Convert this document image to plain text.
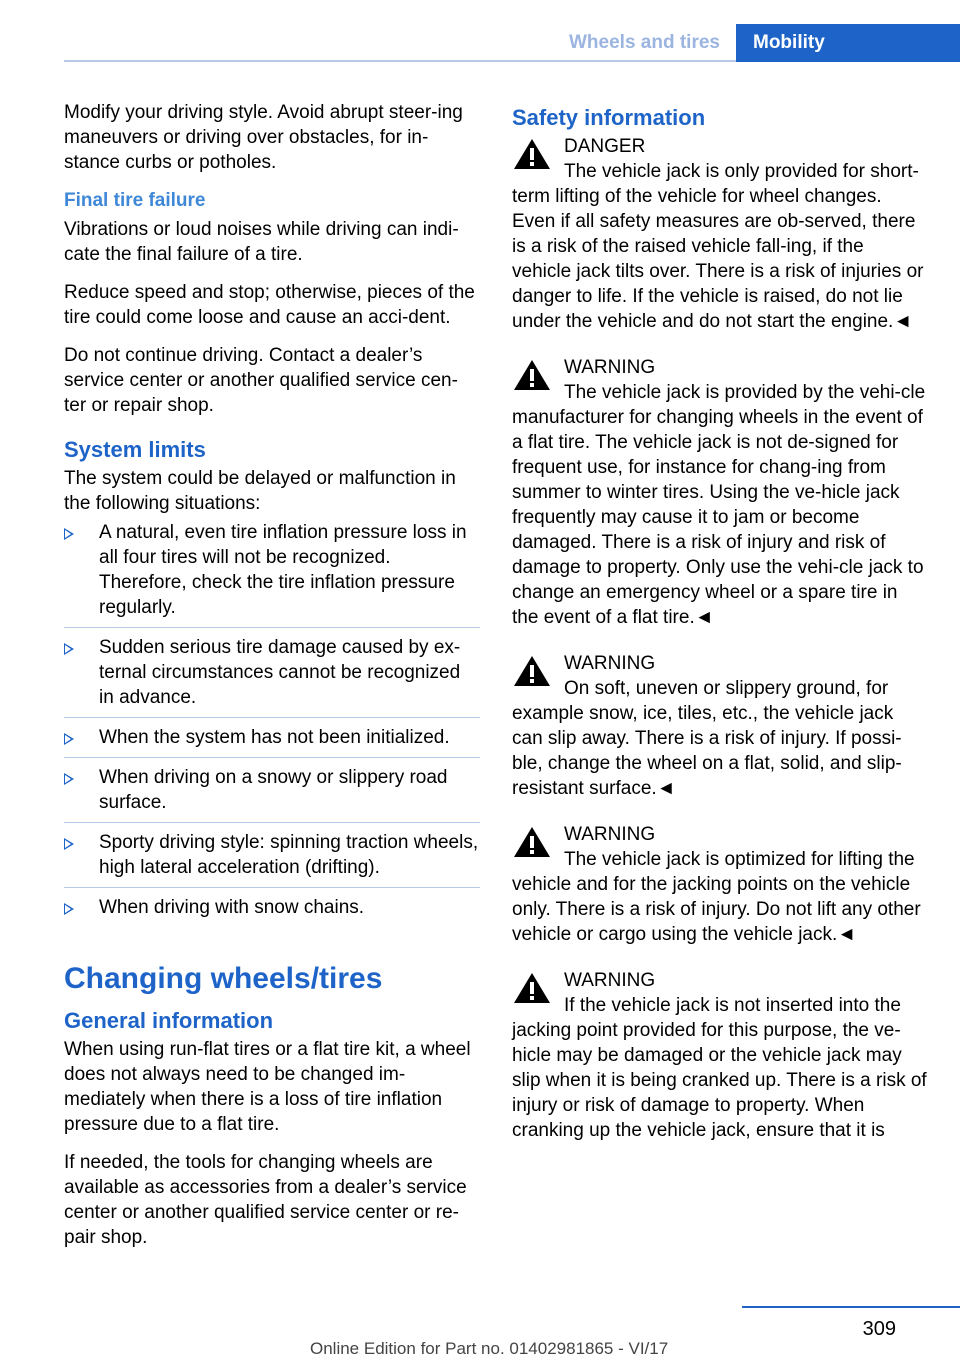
Wheels and tires	Mobility

Modify your driving style. Avoid abrupt steer-ing maneuvers or driving over obstacles, for in-stance curbs or potholes.

Final tire failure

Vibrations or loud noises while driving can indi-cate the final failure of a tire.

Reduce speed and stop; otherwise, pieces of the tire could come loose and cause an acci-dent.

Do not continue driving. Contact a dealer’s service center or another qualified service cen-ter or repair shop.

System limits

The system could be delayed or malfunction in the following situations:

A natural, even tire inflation pressure loss in all four tires will not be recognized. Therefore, check the tire inflation pressure regularly.
Sudden serious tire damage caused by ex-ternal circumstances cannot be recognized in advance.
When the system has not been initialized.
When driving on a snowy or slippery road surface.
Sporty driving style: spinning traction wheels, high lateral acceleration (drifting).
When driving with snow chains.
Changing wheels/tires
General information

When using run-flat tires or a flat tire kit, a wheel does not always need to be changed im-mediately when there is a loss of tire inflation pressure due to a flat tire.

If needed, the tools for changing wheels are available as accessories from a dealer’s service center or another qualified service center or re-pair shop.

Safety information
DANGER
The vehicle jack is only provided for short-term lifting of the vehicle for wheel changes. Even if all safety measures are ob-served, there is a risk of the raised vehicle fall-ing, if the vehicle jack tilts over. There is a risk of injuries or danger to life. If the vehicle is raised, do not lie under the vehicle and do not start the engine.◄
WARNING
The vehicle jack is provided by the vehi-cle manufacturer for changing wheels in the event of a flat tire. The vehicle jack is not de-signed for frequent use, for instance for chang-ing from summer to winter tires. Using the ve-hicle jack frequently may cause it to jam or become damaged. There is a risk of injury and risk of damage to property. Only use the vehi-cle jack to change an emergency wheel or a spare tire in the event of a flat tire.◄
WARNING
On soft, uneven or slippery ground, for example snow, ice, tiles, etc., the vehicle jack can slip away. There is a risk of injury. If possi-ble, change the wheel on a flat, solid, and slip-resistant surface.◄
WARNING
The vehicle jack is optimized for lifting the vehicle and for the jacking points on the vehicle only. There is a risk of injury. Do not lift any other vehicle or cargo using the vehicle jack.◄
WARNING
If the vehicle jack is not inserted into the jacking point provided for this purpose, the ve-hicle may be damaged or the vehicle jack may slip when it is being cranked up. There is a risk of injury or risk of damage to property. When cranking up the vehicle jack, ensure that it is
309
Online Edition for Part no. 01402981865 - VI/17
